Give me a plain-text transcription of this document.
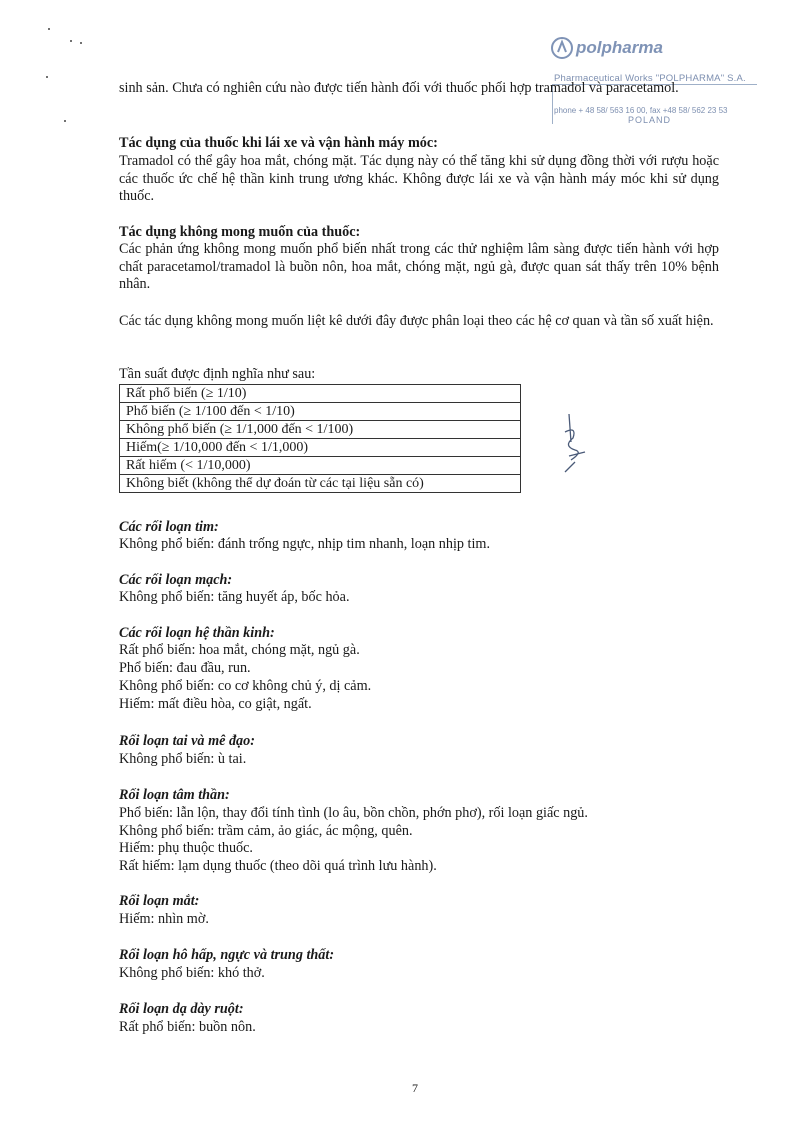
polpharma
Pharmaceutical Works "POLPHARMA" S.A.
phone + 48 58/ 563 16 00, fax +48 58/ 562 23 53
POLAND

sinh sản. Chưa có nghiên cứu nào được tiến hành đối với thuốc phối hợp tramadol và paracetamol.

Tác dụng của thuốc khi lái xe và vận hành máy móc:

Tramadol có thể gây hoa mắt, chóng mặt. Tác dụng này có thể tăng khi sử dụng đồng thời với rượu hoặc các thuốc ức chế hệ thần kinh trung ương khác. Không được lái xe và vận hành máy móc khi sử dụng thuốc.

Tác dụng không mong muốn của thuốc:

Các phản ứng không mong muốn phổ biến nhất trong các thử nghiệm lâm sàng được tiến hành với hợp chất paracetamol/tramadol là buồn nôn, hoa mắt, chóng mặt, ngủ gà, được quan sát thấy trên 10% bệnh nhân.

Các tác dụng không mong muốn liệt kê dưới đây được phân loại theo các hệ cơ quan và tần số xuất hiện.

Tần suất được định nghĩa như sau:

Rất phổ biến (≥ 1/10)
Phổ biến (≥ 1/100 đến < 1/10)
Không phổ biến (≥ 1/1,000 đến < 1/100)
Hiếm(≥ 1/10,000 đến < 1/1,000)
Rất hiếm (< 1/10,000)
Không biết (không thể dự đoán từ các tại liệu sẵn có)

Các rối loạn tim:

Không phổ biến: đánh trống ngực, nhịp tim nhanh, loạn nhịp tim.

Các rối loạn mạch:

Không phổ biến: tăng huyết áp, bốc hỏa.

Các rối loạn hệ thần kinh:

Rất phổ biến: hoa mắt, chóng mặt, ngủ gà.

Phổ biến: đau đầu, run.

Không phổ biến: co cơ không chủ ý, dị cảm.

Hiếm: mất điều hòa, co giật, ngất.

Rối loạn tai và mê đạo:

Không phổ biến: ù tai.

Rối loạn tâm thần:

Phổ biến: lẫn lộn, thay đổi tính tình (lo âu, bồn chồn, phớn phơ), rối loạn giấc ngủ.

Không phổ biến: trầm cảm, ảo giác, ác mộng, quên.

Hiếm: phụ thuộc thuốc.

Rất hiếm: lạm dụng thuốc (theo dõi quá trình lưu hành).

Rối loạn mắt:

Hiếm: nhìn mờ.

Rối loạn hô hấp, ngực và trung thất:

Không phổ biến: khó thở.

Rối loạn dạ dày ruột:

Rất phổ biến: buồn nôn.

7
